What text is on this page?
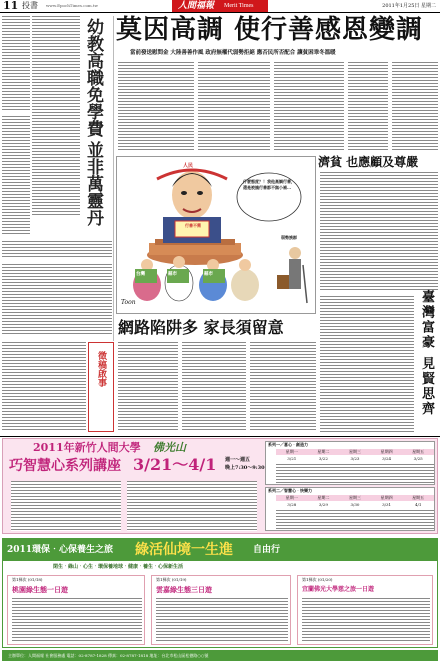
11 投書 www.EpochTimes.com.tw	人間福報 Merit Times	2011年1月25日 星期二
幼教高職免學費
並非萬靈丹
莫因高調 使行善感恩變調
當前發送慰問金 大陸善善作風 政府無權代弱勢拒絕 應否民所否配合 讓貧困乖冬溫暖
人民
行善不需
什麼態度？！我他高調行善，還是被搞行善都不無小補…
台灣	縣市	縣市
弱勢族群
Toon
濟貧 也應顧及尊嚴
臺灣富豪 見賢思齊
網路陷阱多 家長須留意
徵稿啟事
2011年新竹人間大學 佛光山
巧智慧心系列講座 3/21～4/1 週一～週五
晚上7:30～9:30
系列一／喜心‧創造力
星期一	星期二	星期三	星期四	星期五
3/21	3/22	3/23	3/24	3/25
系列二／智慧心‧快樂力
星期一	星期二	星期三	星期四	星期五
3/28	3/29	3/30	3/31	4/1
2011環保‧心保養生之旅 綠活仙境一生進 自由行
閑生‧綠山‧心生‧環保養地球‧健康‧養生‧心保新生活
第1梯次 (01/18)
桃園綠生態一日遊
第1梯次 (01/19)
雲嘉綠生態三日遊
第1梯次 (01/20)
宜蘭佛光大學慈之旅一日遊
主辦單位：人間福報 社會服務處 電話：02-8787-1828 傳真：02-8787-1818 地址：台北市松山區松德路○○號
